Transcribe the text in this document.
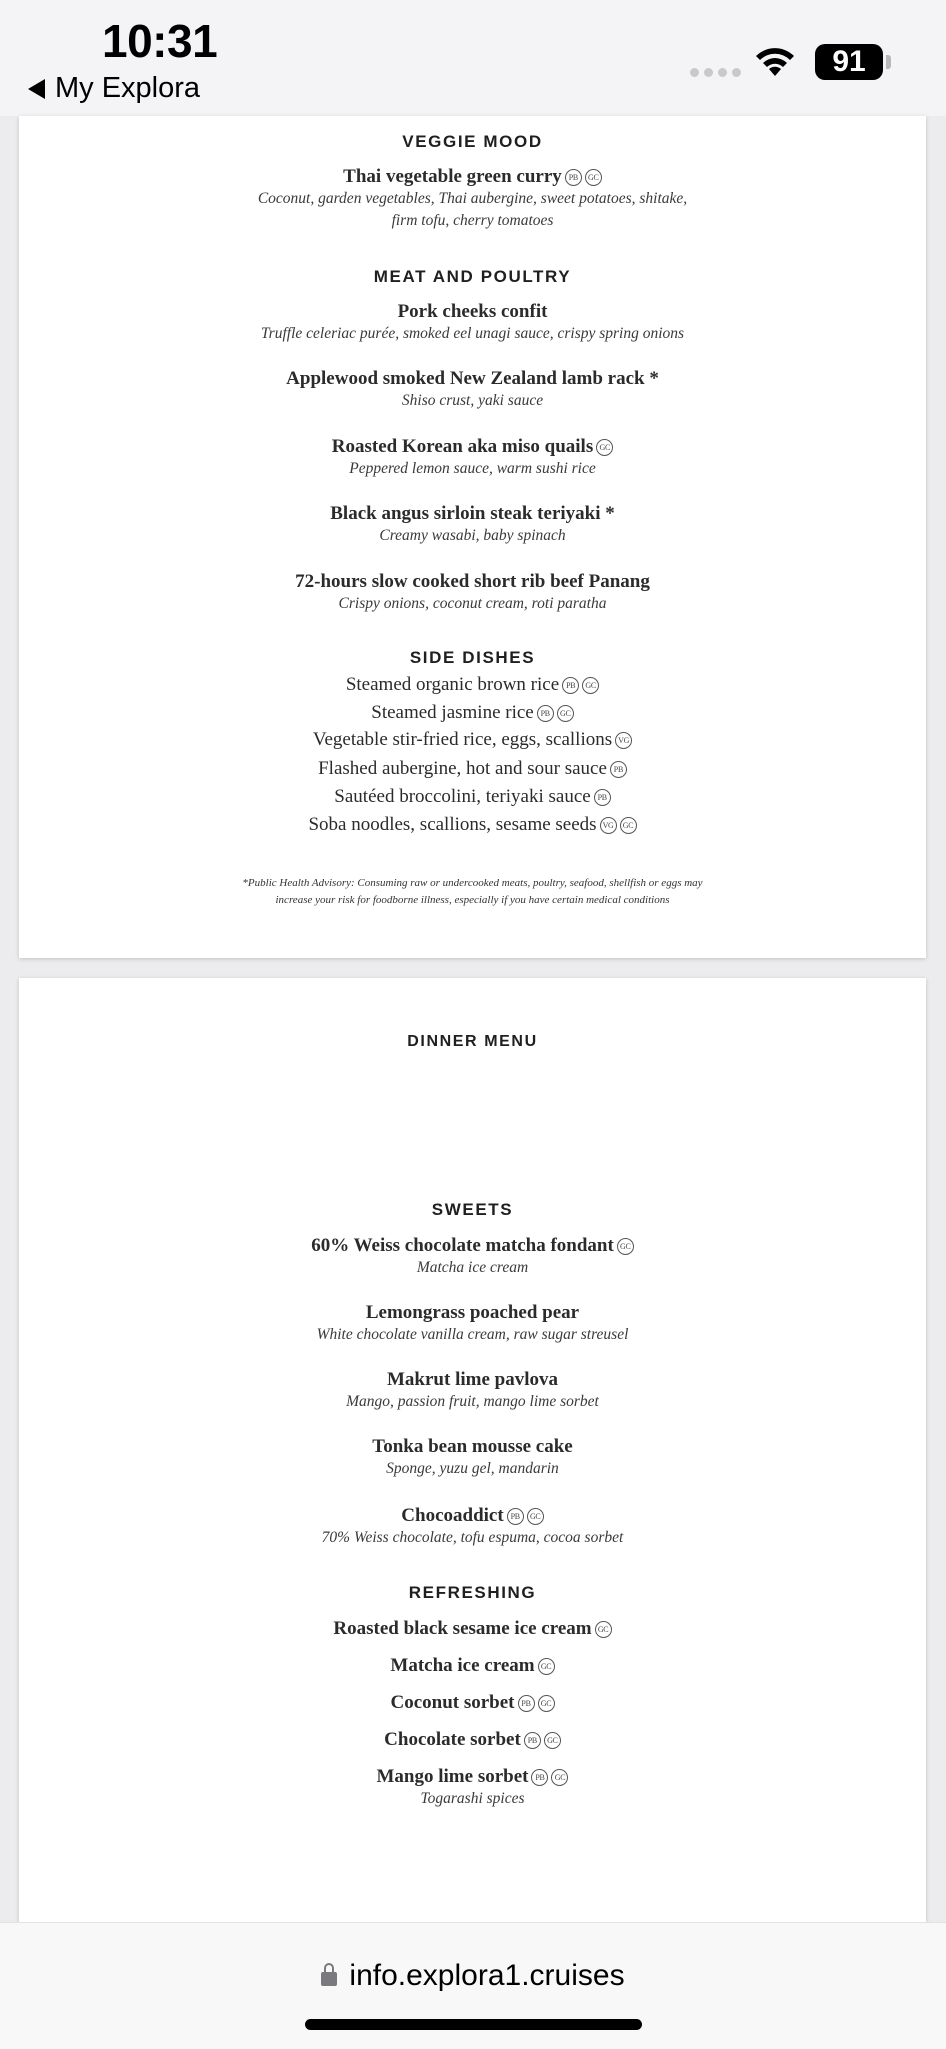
10:31
My Explora
91
VEGGIE MOOD
Thai vegetable green curry PB GC
Coconut, garden vegetables, Thai aubergine, sweet potatoes, shitake,
firm tofu, cherry tomatoes
MEAT AND POULTRY
Pork cheeks confit
Truffle celeriac purée, smoked eel unagi sauce, crispy spring onions
Applewood smoked New Zealand lamb rack *
Shiso crust, yaki sauce
Roasted Korean aka miso quails GC
Peppered lemon sauce, warm sushi rice
Black angus sirloin steak teriyaki *
Creamy wasabi, baby spinach
72-hours slow cooked short rib beef Panang
Crispy onions, coconut cream, roti paratha
SIDE DISHES
Steamed organic brown rice PB GC
Steamed jasmine rice PB GC
Vegetable stir-fried rice, eggs, scallions VG
Flashed aubergine, hot and sour sauce PB
Sautéed broccolini, teriyaki sauce PB
Soba noodles, scallions, sesame seeds VG GC
*Public Health Advisory: Consuming raw or undercooked meats, poultry, seafood, shellfish or eggs may
increase your risk for foodborne illness, especially if you have certain medical conditions
DINNER MENU
SWEETS
60% Weiss chocolate matcha fondant GC
Matcha ice cream
Lemongrass poached pear
White chocolate vanilla cream, raw sugar streusel
Makrut lime pavlova
Mango, passion fruit, mango lime sorbet
Tonka bean mousse cake
Sponge, yuzu gel, mandarin
Chocoaddict PB GC
70% Weiss chocolate, tofu espuma, cocoa sorbet
REFRESHING
Roasted black sesame ice cream GC
Matcha ice cream GC
Coconut sorbet PB GC
Chocolate sorbet PB GC
Mango lime sorbet PB GC
Togarashi spices
info.explora1.cruises
